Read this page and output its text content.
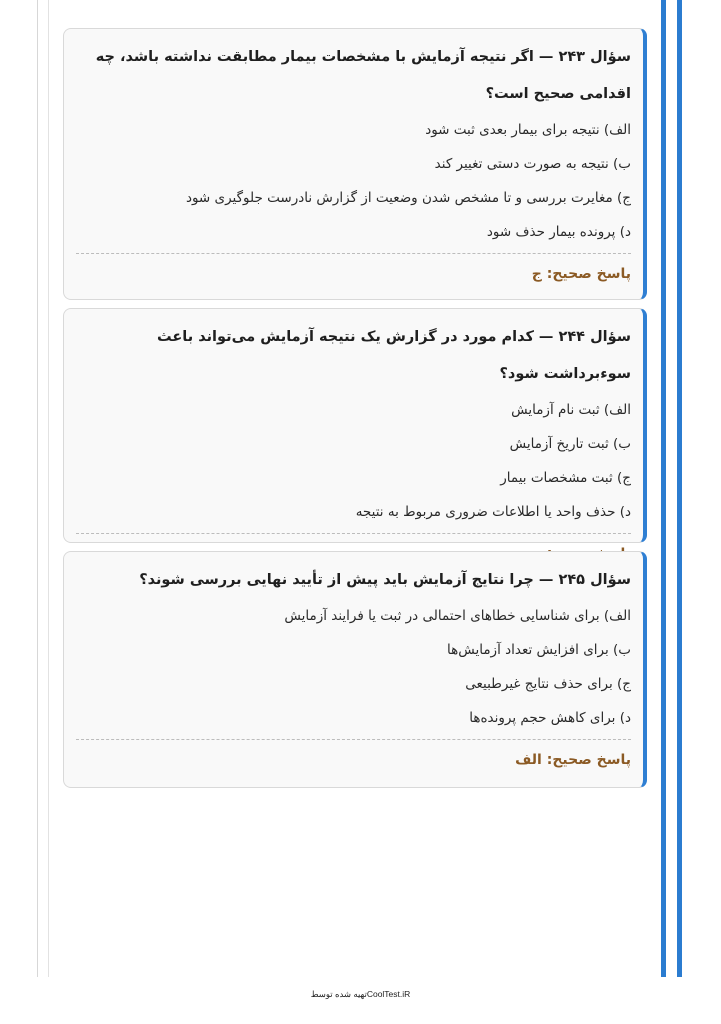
سؤال ۲۴۳ — اگر نتیجه آزمایش با مشخصات بیمار مطابقت نداشته باشد، چه اقدامی صحیح است؟
الف) نتیجه برای بیمار بعدی ثبت شود
ب) نتیجه به صورت دستی تغییر کند
ج) مغایرت بررسی و تا مشخص شدن وضعیت از گزارش نادرست جلوگیری شود
د) پرونده بیمار حذف شود
پاسخ صحیح: ج
سؤال ۲۴۴ — کدام مورد در گزارش یک نتیجه آزمایش می‌تواند باعث سوءبرداشت شود؟
الف) ثبت نام آزمایش
ب) ثبت تاریخ آزمایش
ج) ثبت مشخصات بیمار
د) حذف واحد یا اطلاعات ضروری مربوط به نتیجه
سؤال ۲۴۵ — چرا نتایج آزمایش باید پیش از تأیید نهایی بررسی شوند؟
الف) برای شناسایی خطاهای احتمالی در ثبت یا فرایند آزمایش
ب) برای افزایش تعداد آزمایش‌ها
ج) برای حذف نتایج غیرطبیعی
د) برای کاهش حجم پرونده‌ها
پاسخ صحیح: الف
تهیه شده توسطCoolTest.iR
